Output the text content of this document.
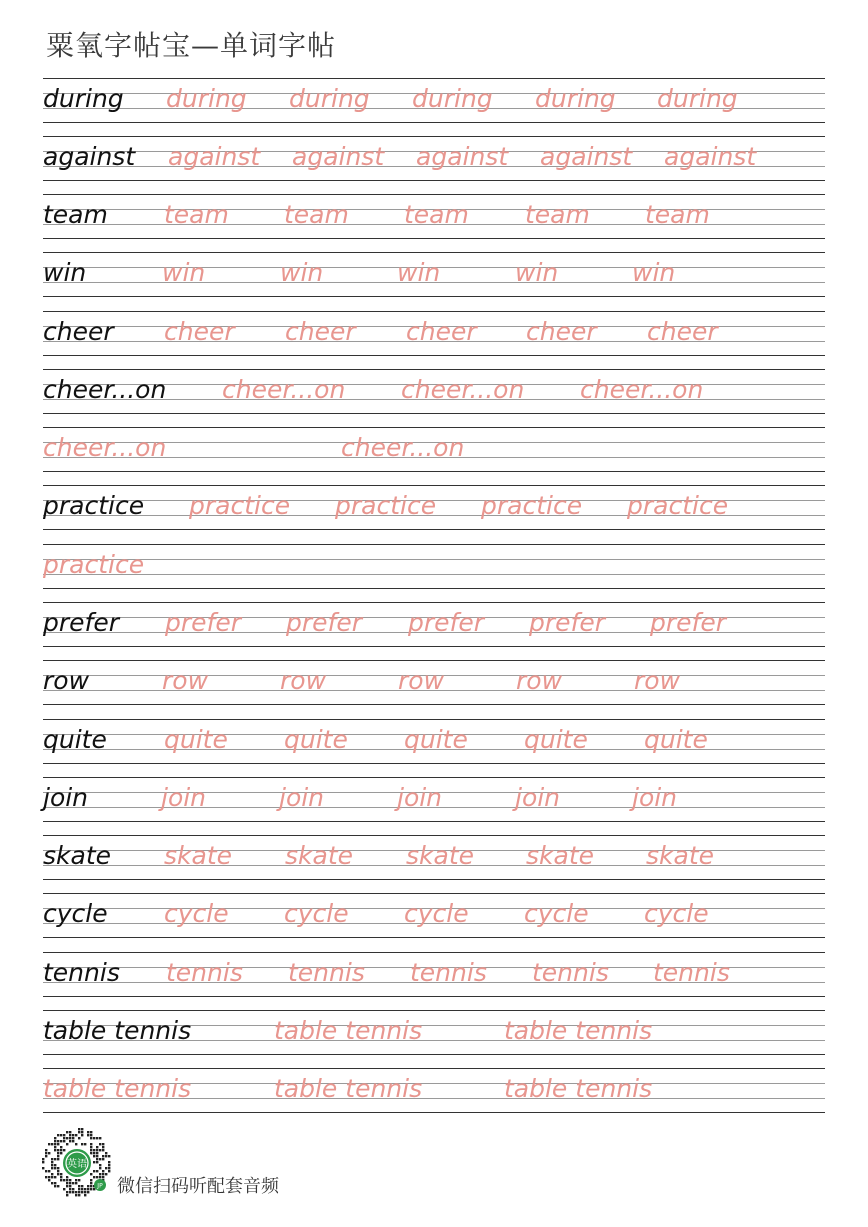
粟氧字帖宝—单词字帖
during during during during during during
against against against against against against
team team team team team team
win	win	win	win	win	win
cheer cheer cheer cheer cheer cheer
cheer...on cheer...on cheer...on cheer...on
cheer...on	cheer...on
practice practice practice practice practice
practice
prefer prefer prefer prefer prefer prefer
row	row	row	row	row	row
quite quite quite quite quite quite
join	join	join	join	join	join
skate skate skate skate skate skate
cycle cycle cycle cycle cycle cycle
tennis tennis tennis tennis tennis tennis
table tennis	table tennis	table tennis
table tennis	table tennis	table tennis
英语
JP 微信扫码听配套音频
